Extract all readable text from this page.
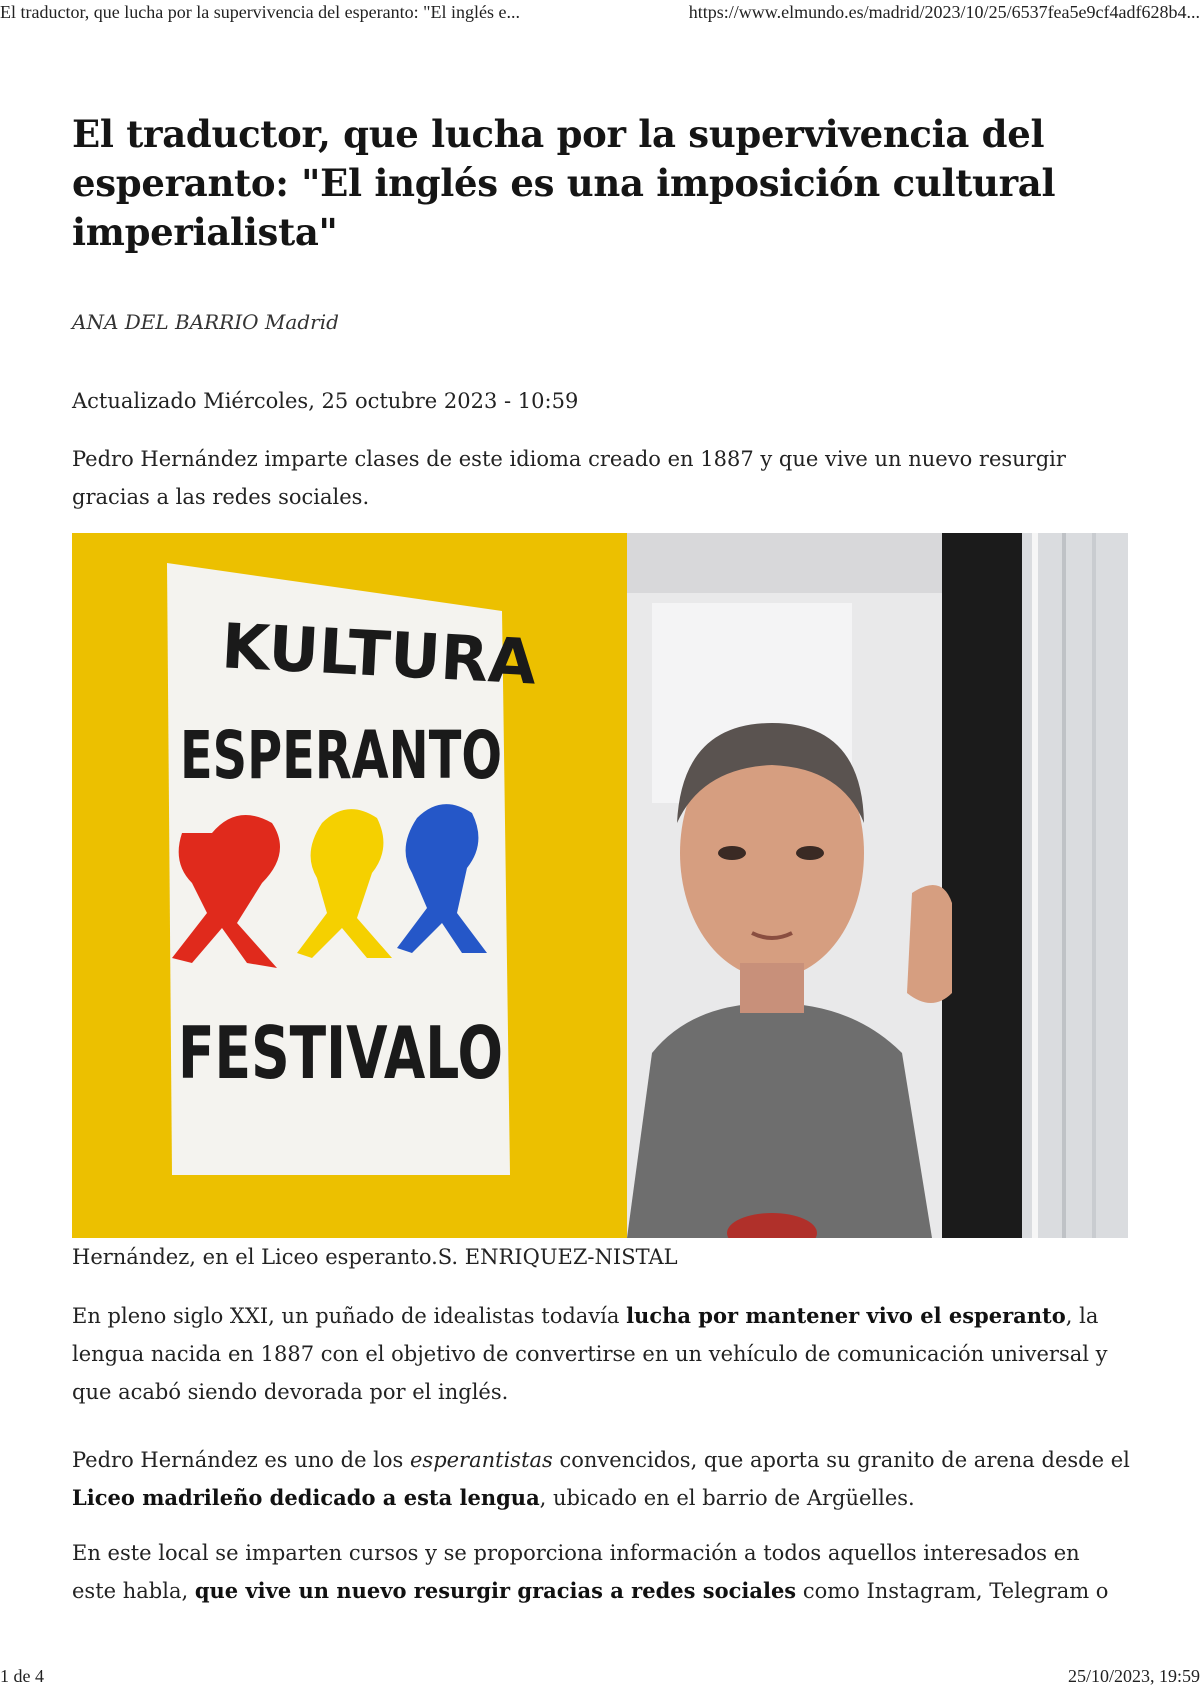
El traductor, que lucha por la supervivencia del esperanto: "El inglés e...	https://www.elmundo.es/madrid/2023/10/25/6537fea5e9cf4adf628b4...
El traductor, que lucha por la supervivencia del esperanto: "El inglés es una imposición cultural imperialista"
ANA DEL BARRIO Madrid
Actualizado Miércoles, 25 octubre 2023 - 10:59

Pedro Hernández imparte clases de este idioma creado en 1887 y que vive un nuevo resurgir gracias a las redes sociales.

KULTURA
ESPERANTO
FESTIVALO
Hernández, en el Liceo esperanto.S. ENRIQUEZ-NISTAL

En pleno siglo XXI, un puñado de idealistas todavía lucha por mantener vivo el esperanto, la lengua nacida en 1887 con el objetivo de convertirse en un vehículo de comunicación universal y que acabó siendo devorada por el inglés.

Pedro Hernández es uno de los esperantistas convencidos, que aporta su granito de arena desde el Liceo madrileño dedicado a esta lengua, ubicado en el barrio de Argüelles.

En este local se imparten cursos y se proporciona información a todos aquellos interesados en este habla, que vive un nuevo resurgir gracias a redes sociales como Instagram, Telegram o

1 de 4	25/10/2023, 19:59
